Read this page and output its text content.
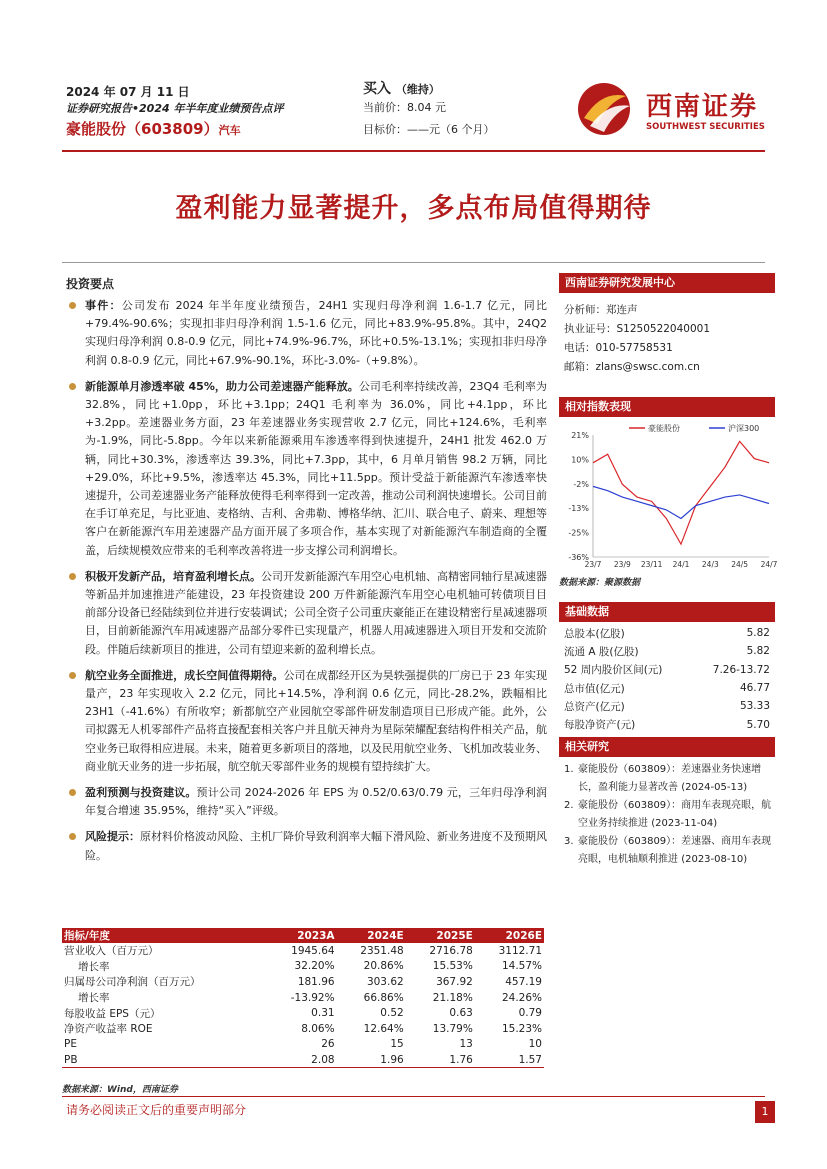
2024 年 07 月 11 日
证券研究报告•2024 年半年度业绩预告点评
豪能股份（603809）汽车
买入 （维持）
当前价：8.04 元
目标价：——元（6 个月）
西南证券
SOUTHWEST SECURITIES
盈利能力显著提升，多点布局值得期待
投资要点
事件：公司发布 2024 年半年度业绩预告，24H1 实现归母净利润 1.6-1.7 亿元，同比+79.4%-90.6%；实现扣非归母净利润 1.5-1.6 亿元，同比+83.9%-95.8%。其中，24Q2 实现归母净利润 0.8-0.9 亿元，同比+74.9%-96.7%，环比+0.5%-13.1%；实现扣非归母净利润 0.8-0.9 亿元，同比+67.9%-90.1%，环比-3.0%-（+9.8%）。
新能源单月渗透率破 45%，助力公司差速器产能释放。公司毛利率持续改善，23Q4 毛利率为 32.8%，同比+1.0pp，环比+3.1pp；24Q1 毛利率为 36.0%，同比+4.1pp，环比+3.2pp。差速器业务方面，23 年差速器业务实现营收 2.7 亿元，同比+124.6%，毛利率为-1.9%，同比-5.8pp。今年以来新能源乘用车渗透率得到快速提升，24H1 批发 462.0 万辆，同比+30.3%，渗透率达 39.3%，同比+7.3pp，其中，6 月单月销售 98.2 万辆，同比+29.0%，环比+9.5%，渗透率达 45.3%，同比+11.5pp。预计受益于新能源汽车渗透率快速提升，公司差速器业务产能释放使得毛利率得到一定改善，推动公司利润快速增长。公司目前在手订单充足，与比亚迪、麦格纳、吉利、舍弗勒、博格华纳、汇川、联合电子、蔚来、理想等客户在新能源汽车用差速器产品方面开展了多项合作，基本实现了对新能源汽车制造商的全覆盖，后续规模效应带来的毛利率改善将进一步支撑公司利润增长。
积极开发新产品，培育盈利增长点。公司开发新能源汽车用空心电机轴、高精密同轴行星减速器等新品并加速推进产能建设，23 年投资建设 200 万件新能源汽车用空心电机轴可转债项目目前部分设备已经陆续到位并进行安装调试；公司全资子公司重庆豪能正在建设精密行星减速器项目，目前新能源汽车用减速器产品部分零件已实现量产，机器人用减速器进入项目开发和交流阶段。伴随后续新项目的推进，公司有望迎来新的盈利增长点。
航空业务全面推进，成长空间值得期待。公司在成都经开区为昊轶强提供的厂房已于 23 年实现量产，23 年实现收入 2.2 亿元，同比+14.5%，净利润 0.6 亿元，同比-28.2%，跌幅相比 23H1（-41.6%）有所收窄；新都航空产业园航空零部件研发制造项目已形成产能。此外，公司拟露无人机零部件产品将直接配套相关客户并且航天神舟为星际荣耀配套结构件相关产品，航空业务已取得相应进展。未来，随着更多新项目的落地，以及民用航空业务、飞机加改装业务、商业航天业务的进一步拓展，航空航天零部件业务的规模有望持续扩大。
盈利预测与投资建议。预计公司 2024-2026 年 EPS 为 0.52/0.63/0.79 元，三年归母净利润年复合增速 35.95%，维持“买入”评级。
风险提示：原材料价格波动风险、主机厂降价导致利润率大幅下滑风险、新业务进度不及预期风险。
指标/年度	2023A	2024E	2025E	2026E
营业收入（百万元）	1945.64	2351.48	2716.78	3112.71
增长率	32.20%	20.86%	15.53%	14.57%
归属母公司净利润（百万元）	181.96	303.62	367.92	457.19
增长率	-13.92%	66.86%	21.18%	24.26%
每股收益 EPS（元）	0.31	0.52	0.63	0.79
净资产收益率 ROE	8.06%	12.64%	13.79%	15.23%
PE	26	15	13	10
PB	2.08	1.96	1.76	1.57
数据来源：Wind，西南证券
西南证券研究发展中心
分析师：郑连声
执业证号：S1250522040001
电话：010-57758531
邮箱：zlans@swsc.com.cn
相对指数表现
21%
10%
-2%
-13%
-25%
-36%
23/7 23/9 23/11 24/1 24/3 24/5 24/7
豪能股份	沪深300
数据来源：聚源数据
基础数据
总股本(亿股)	5.82
流通 A 股(亿股)	5.82
52 周内股价区间(元)	7.26-13.72
总市值(亿元)	46.77
总资产(亿元)	53.33
每股净资产(元)	5.70
相关研究
1. 豪能股份（603809）：差速器业务快速增长，盈利能力显著改善 (2024-05-13)
2. 豪能股份（603809）：商用车表现亮眼，航空业务持续推进 (2023-11-04)
3. 豪能股份（603809）：差速器、商用车表现亮眼，电机轴顺利推进 (2023-08-10)
请务必阅读正文后的重要声明部分	1
